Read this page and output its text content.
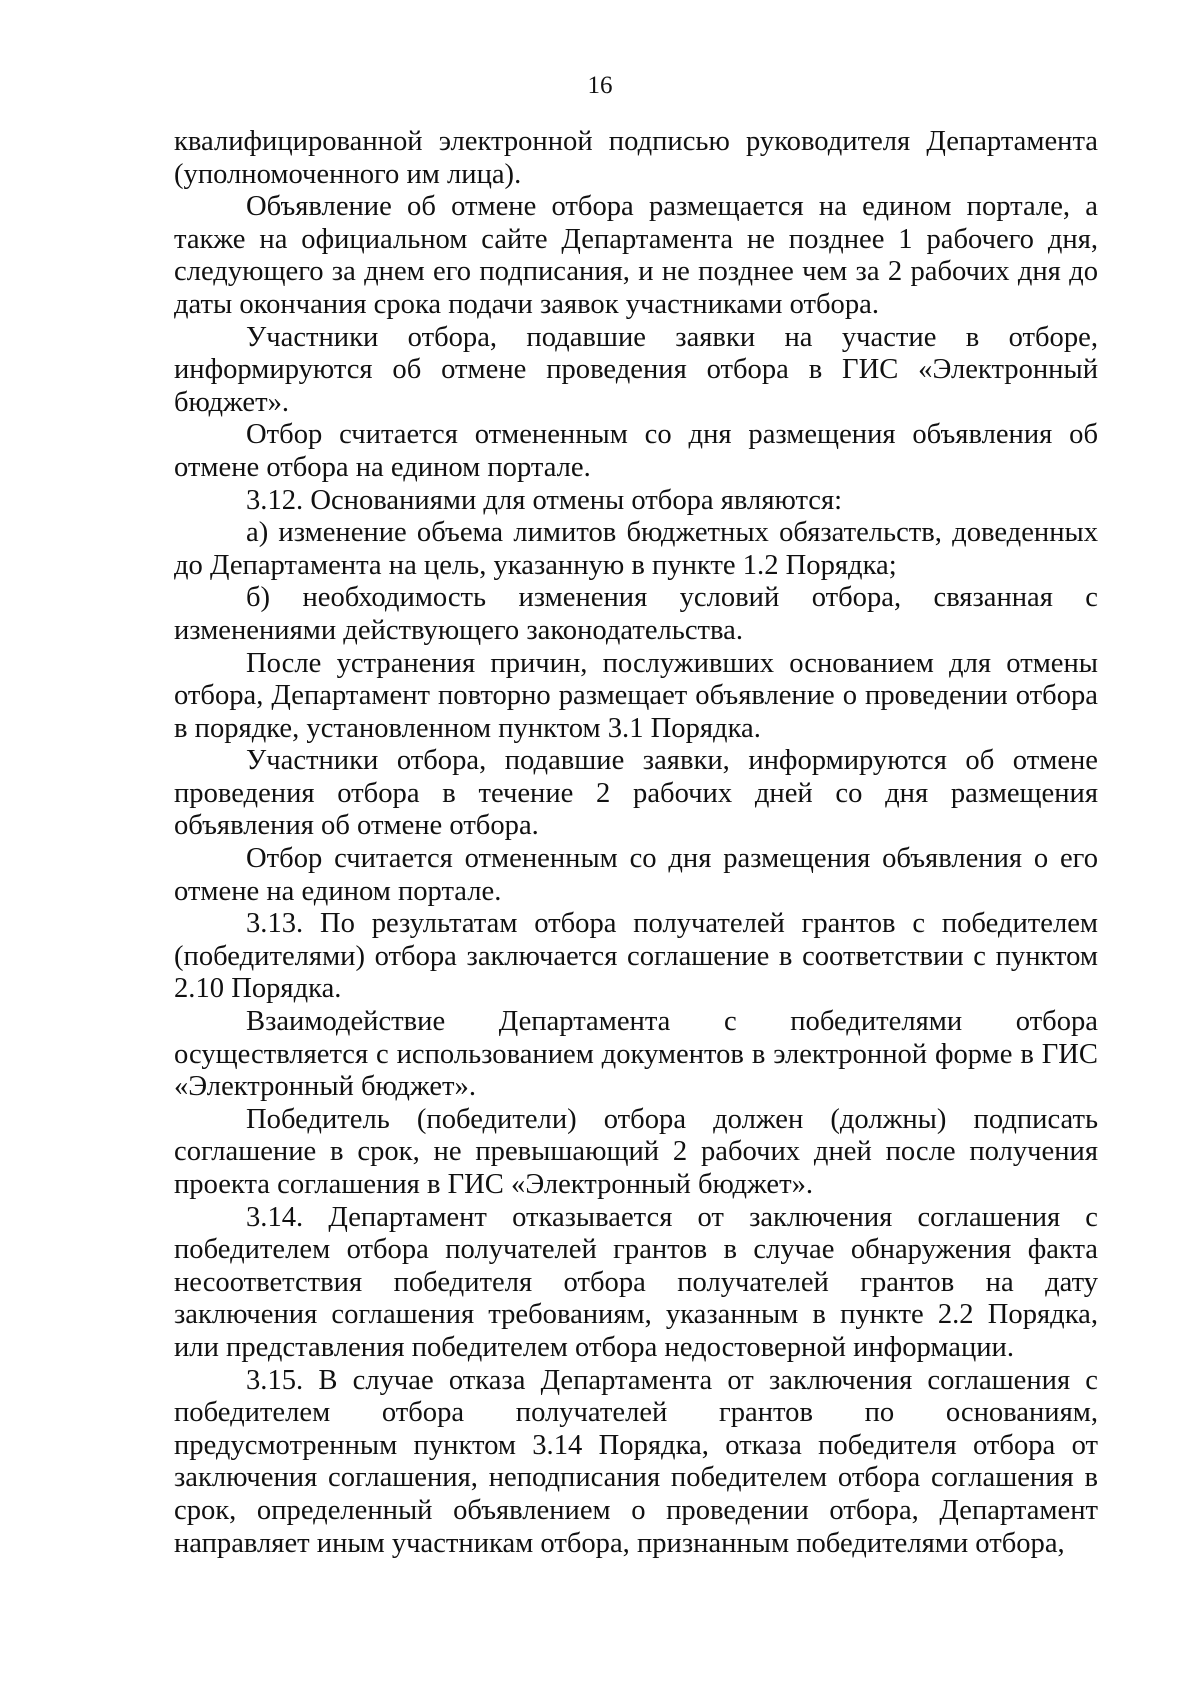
16

квалифицированной электронной подписью руководителя Департамента (уполномоченного им лица).

Объявление об отмене отбора размещается на едином портале, а также на официальном сайте Департамента не позднее 1 рабочего дня, следующего за днем его подписания, и не позднее чем за 2 рабочих дня до даты окончания срока подачи заявок участниками отбора.

Участники отбора, подавшие заявки на участие в отборе, информируются об отмене проведения отбора в ГИС «Электронный бюджет».

Отбор считается отмененным со дня размещения объявления об отмене отбора на едином портале.

3.12. Основаниями для отмены отбора являются:

а) изменение объема лимитов бюджетных обязательств, доведенных до Департамента на цель, указанную в пункте 1.2 Порядка;

б) необходимость изменения условий отбора, связанная с изменениями действующего законодательства.

После устранения причин, послуживших основанием для отмены отбора, Департамент повторно размещает объявление о проведении отбора в порядке, установленном пунктом 3.1 Порядка.

Участники отбора, подавшие заявки, информируются об отмене проведения отбора в течение 2 рабочих дней со дня размещения объявления об отмене отбора.

Отбор считается отмененным со дня размещения объявления о его отмене на едином портале.

3.13. По результатам отбора получателей грантов с победителем (победителями) отбора заключается соглашение в соответствии с пунктом 2.10 Порядка.

Взаимодействие Департамента с победителями отбора осуществляется с использованием документов в электронной форме в ГИС «Электронный бюджет».

Победитель (победители) отбора должен (должны) подписать соглашение в срок, не превышающий 2 рабочих дней после получения проекта соглашения в ГИС «Электронный бюджет».

3.14. Департамент отказывается от заключения соглашения с победителем отбора получателей грантов в случае обнаружения факта несоответствия победителя отбора получателей грантов на дату заключения соглашения требованиям, указанным в пункте 2.2 Порядка, или представления победителем отбора недостоверной информации.

3.15. В случае отказа Департамента от заключения соглашения с победителем отбора получателей грантов по основаниям, предусмотренным пунктом 3.14 Порядка, отказа победителя отбора от заключения соглашения, неподписания победителем отбора соглашения в срок, определенный объявлением о проведении отбора, Департамент направляет иным участникам отбора, признанным победителями отбора,
